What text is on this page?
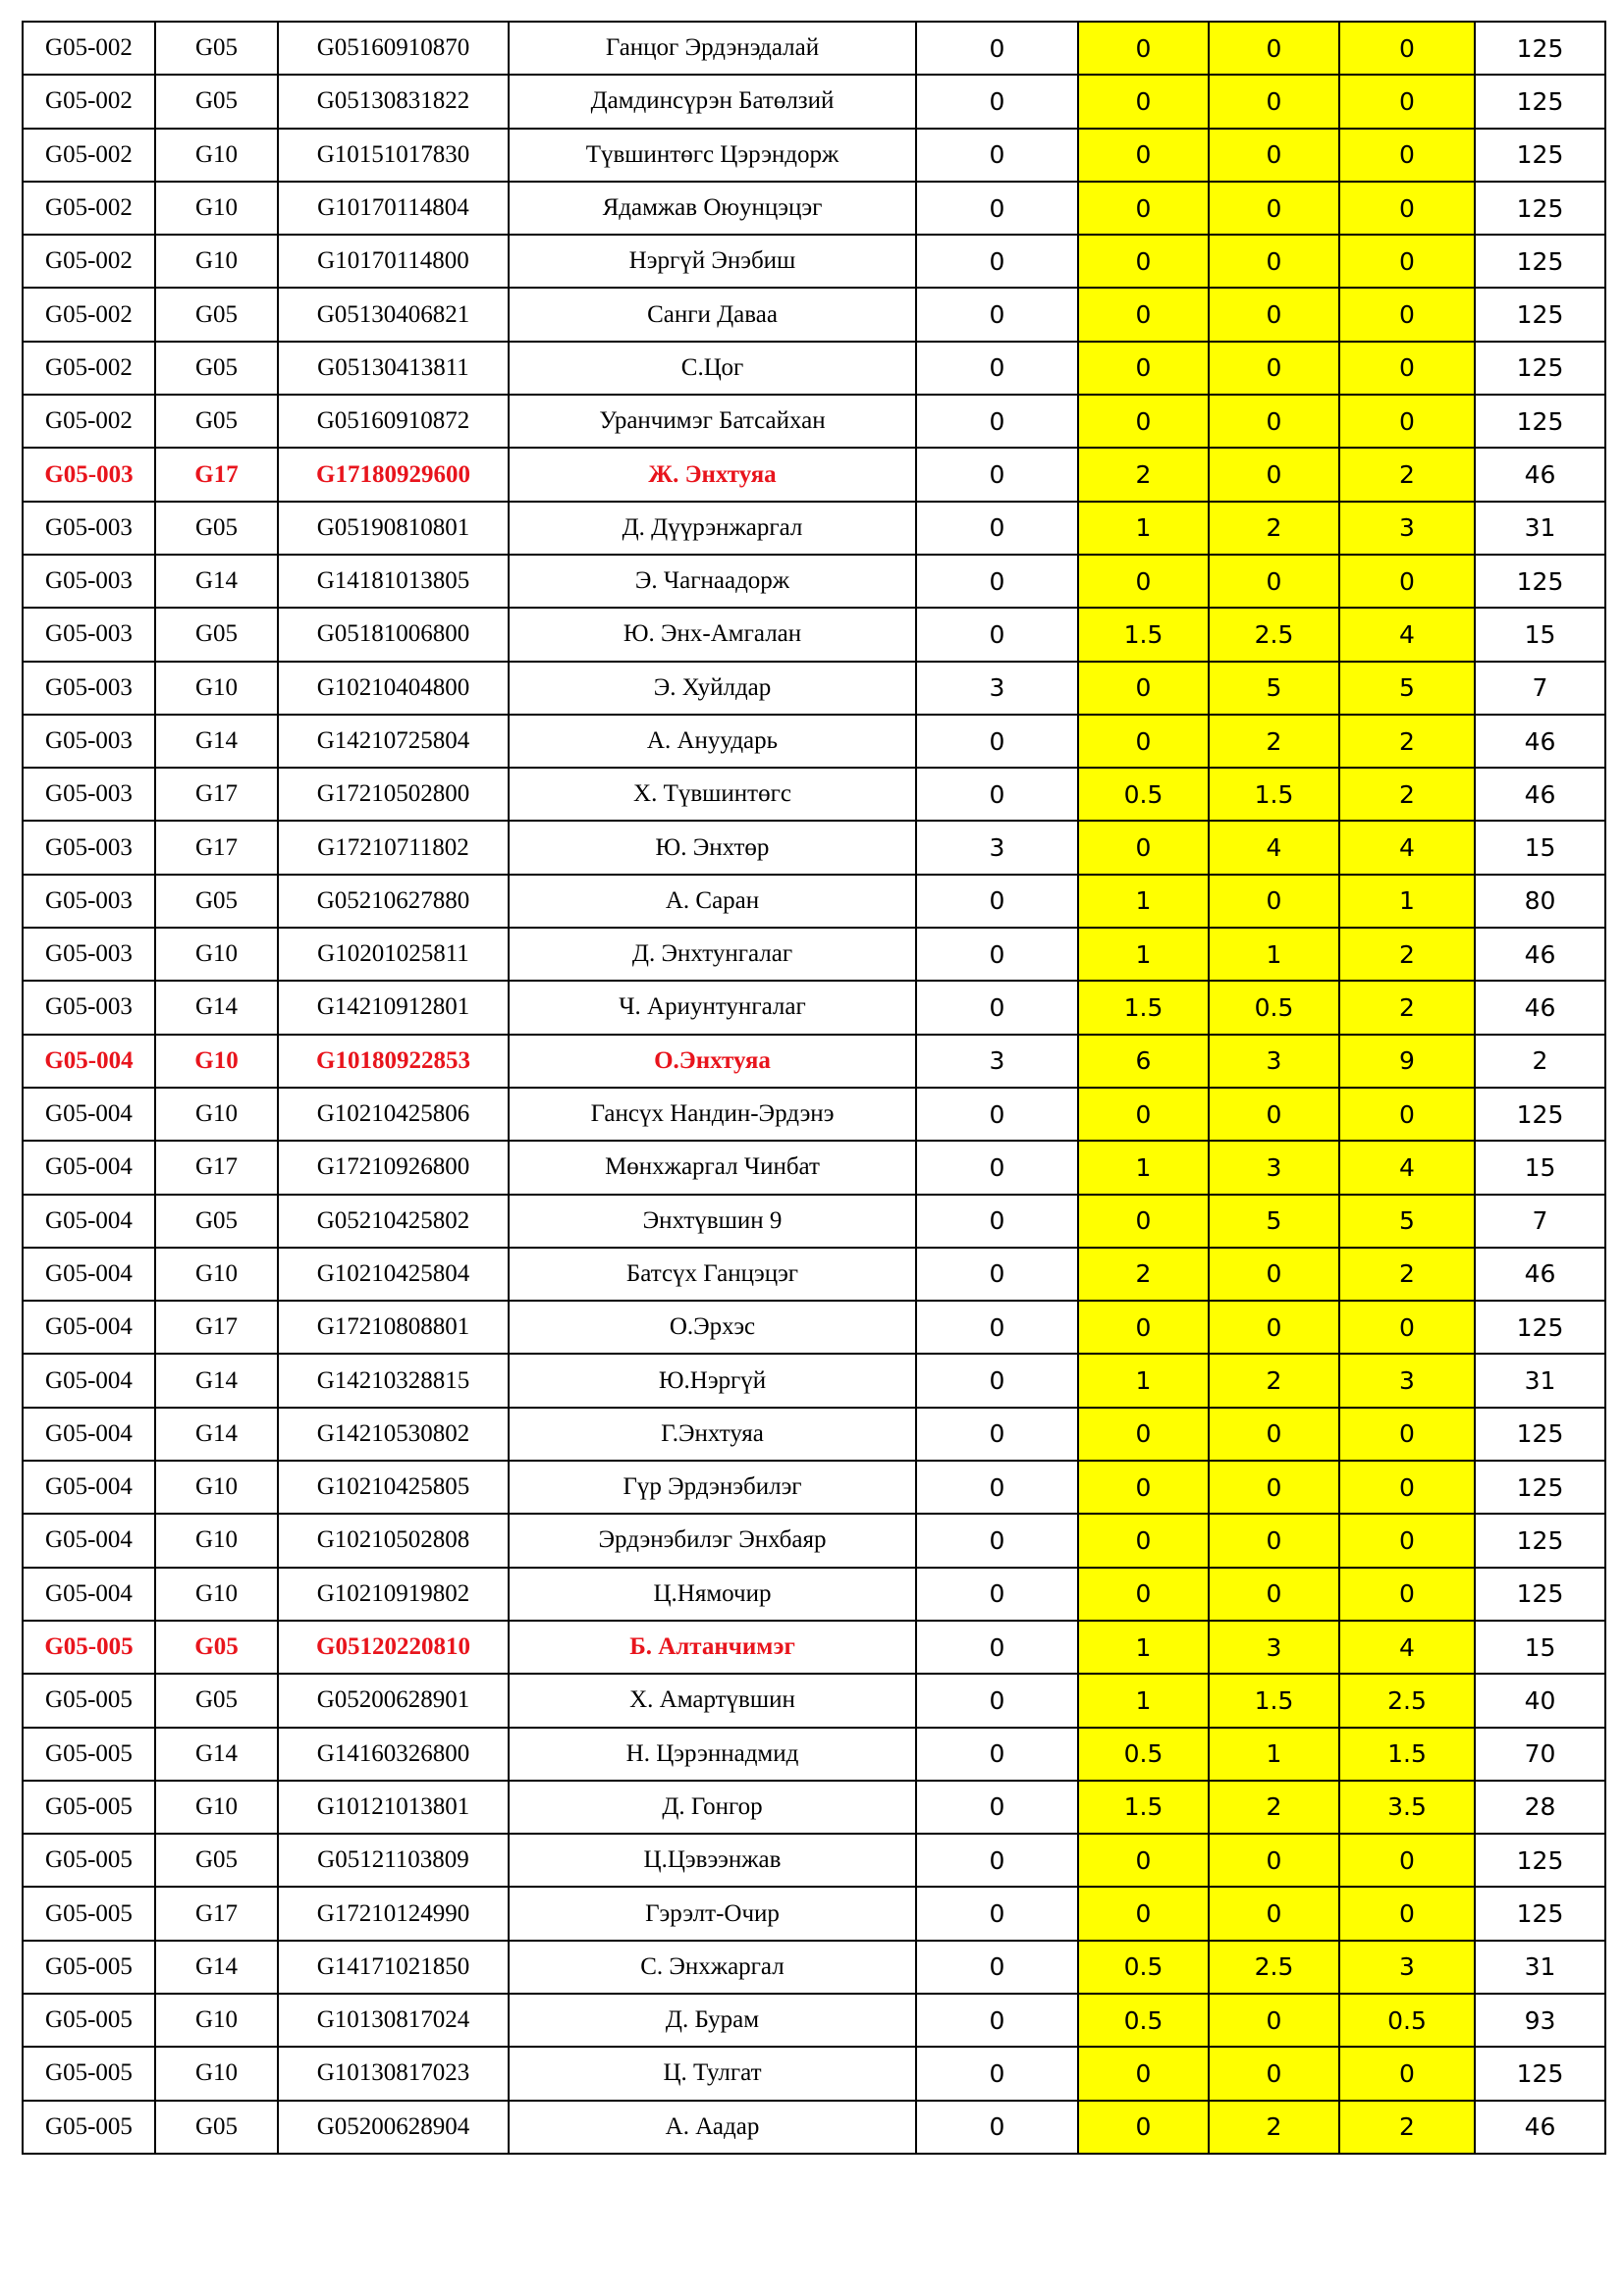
G05-002	G05	G05160910870	Ганцог Эрдэнэдалай	0	0	0	0	125
G05-002	G05	G05130831822	Дамдинсүрэн Батөлзий	0	0	0	0	125
G05-002	G10	G10151017830	Түвшинтөгс Цэрэндорж	0	0	0	0	125
G05-002	G10	G10170114804	Ядамжав Оюунцэцэг	0	0	0	0	125
G05-002	G10	G10170114800	Нэргүй Энэбиш	0	0	0	0	125
G05-002	G05	G05130406821	Санги Даваа	0	0	0	0	125
G05-002	G05	G05130413811	С.Цог	0	0	0	0	125
G05-002	G05	G05160910872	Уранчимэг Батсайхан	0	0	0	0	125
G05-003	G17	G17180929600	Ж. Энхтуяа	0	2	0	2	46
G05-003	G05	G05190810801	Д. Дүүрэнжаргал	0	1	2	3	31
G05-003	G14	G14181013805	Э. Чагнаадорж	0	0	0	0	125
G05-003	G05	G05181006800	Ю. Энх-Амгалан	0	1.5	2.5	4	15
G05-003	G10	G10210404800	Э. Хуйлдар	3	0	5	5	7
G05-003	G14	G14210725804	А. Ануударь	0	0	2	2	46
G05-003	G17	G17210502800	Х. Түвшинтөгс	0	0.5	1.5	2	46
G05-003	G17	G17210711802	Ю. Энхтөр	3	0	4	4	15
G05-003	G05	G05210627880	А. Саран	0	1	0	1	80
G05-003	G10	G10201025811	Д. Энхтунгалаг	0	1	1	2	46
G05-003	G14	G14210912801	Ч. Ариунтунгалаг	0	1.5	0.5	2	46
G05-004	G10	G10180922853	О.Энхтуяа	3	6	3	9	2
G05-004	G10	G10210425806	Гансүх Нандин-Эрдэнэ	0	0	0	0	125
G05-004	G17	G17210926800	Мөнхжаргал Чинбат	0	1	3	4	15
G05-004	G05	G05210425802	Энхтүвшин 9	0	0	5	5	7
G05-004	G10	G10210425804	Батсүх Ганцэцэг	0	2	0	2	46
G05-004	G17	G17210808801	О.Эрхэс	0	0	0	0	125
G05-004	G14	G14210328815	Ю.Нэргүй	0	1	2	3	31
G05-004	G14	G14210530802	Г.Энхтуяа	0	0	0	0	125
G05-004	G10	G10210425805	Гүр Эрдэнэбилэг	0	0	0	0	125
G05-004	G10	G10210502808	Эрдэнэбилэг Энхбаяр	0	0	0	0	125
G05-004	G10	G10210919802	Ц.Нямочир	0	0	0	0	125
G05-005	G05	G05120220810	Б. Алтанчимэг	0	1	3	4	15
G05-005	G05	G05200628901	Х. Амартүвшин	0	1	1.5	2.5	40
G05-005	G14	G14160326800	Н. Цэрэннадмид	0	0.5	1	1.5	70
G05-005	G10	G10121013801	Д. Гонгор	0	1.5	2	3.5	28
G05-005	G05	G05121103809	Ц.Цэвээнжав	0	0	0	0	125
G05-005	G17	G17210124990	Гэрэлт-Очир	0	0	0	0	125
G05-005	G14	G14171021850	С. Энхжаргал	0	0.5	2.5	3	31
G05-005	G10	G10130817024	Д. Бурам	0	0.5	0	0.5	93
G05-005	G10	G10130817023	Ц. Тулгат	0	0	0	0	125
G05-005	G05	G05200628904	А. Аадар	0	0	2	2	46
